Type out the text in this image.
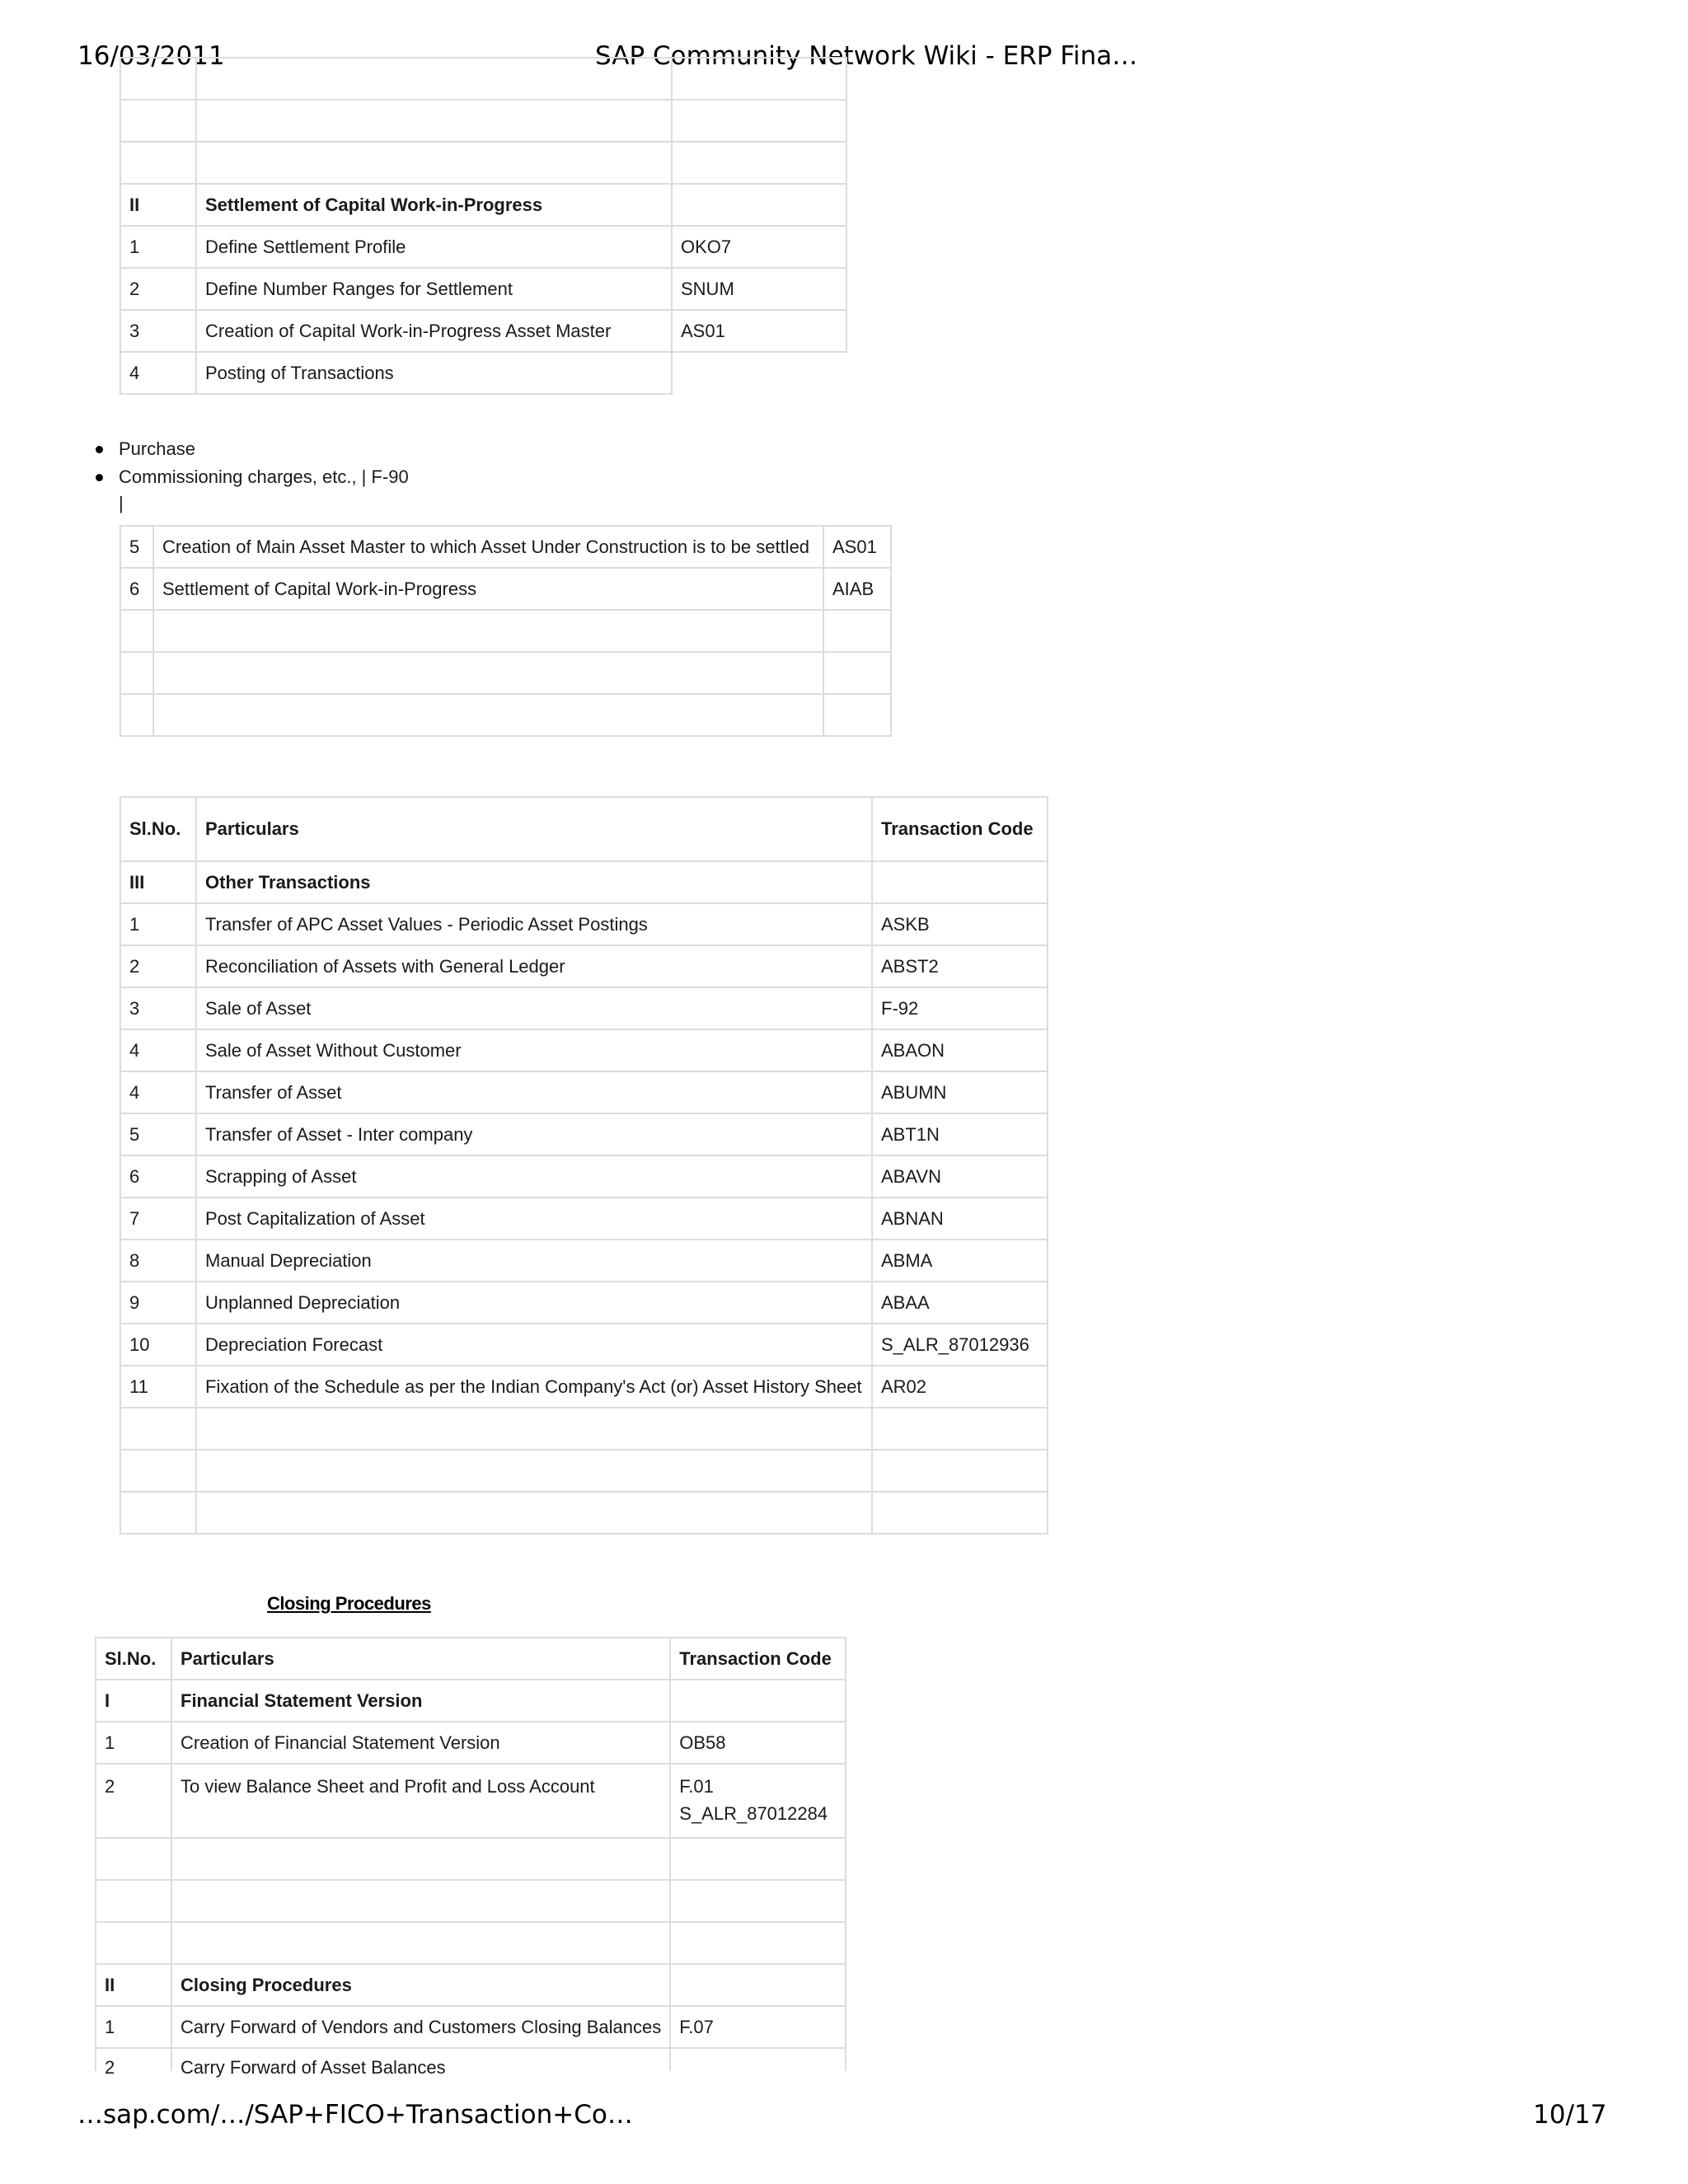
16/03/2011	SAP Community Network Wiki - ERP Fina…

II	Settlement of Capital Work-in-Progress	
1	Define Settlement Profile	OKO7
2	Define Number Ranges for Settlement	SNUM
3	Creation of Capital Work-in-Progress Asset Master	AS01
4	Posting of Transactions	
Purchase
Commissioning charges, etc., | F-90
|
5	Creation of Main Asset Master to which Asset Under Construction is to be settled	AS01
6	Settlement of Capital Work-in-Progress	AIAB

Sl.No.	Particulars	Transaction Code
III	Other Transactions	
1	Transfer of APC Asset Values - Periodic Asset Postings	ASKB
2	Reconciliation of Assets with General Ledger	ABST2
3	Sale of Asset	F-92
4	Sale of Asset Without Customer	ABAON
4	Transfer of Asset	ABUMN
5	Transfer of Asset - Inter company	ABT1N
6	Scrapping of Asset	ABAVN
7	Post Capitalization of Asset	ABNAN
8	Manual Depreciation	ABMA
9	Unplanned Depreciation	ABAA
10	Depreciation Forecast	S_ALR_87012936
11	Fixation of the Schedule as per the Indian Company's Act (or) Asset History Sheet	AR02

Closing Procedures
Sl.No.	Particulars	Transaction Code
I	Financial Statement Version	
1	Creation of Financial Statement Version	OB58
2	To view Balance Sheet and Profit and Loss Account	F.01
S_ALR_87012284

II	Closing Procedures	
1	Carry Forward of Vendors and Customers Closing Balances	F.07

2	Carry Forward of Asset Balances	

…sap.com/…/SAP+FICO+Transaction+Co…	10/17
